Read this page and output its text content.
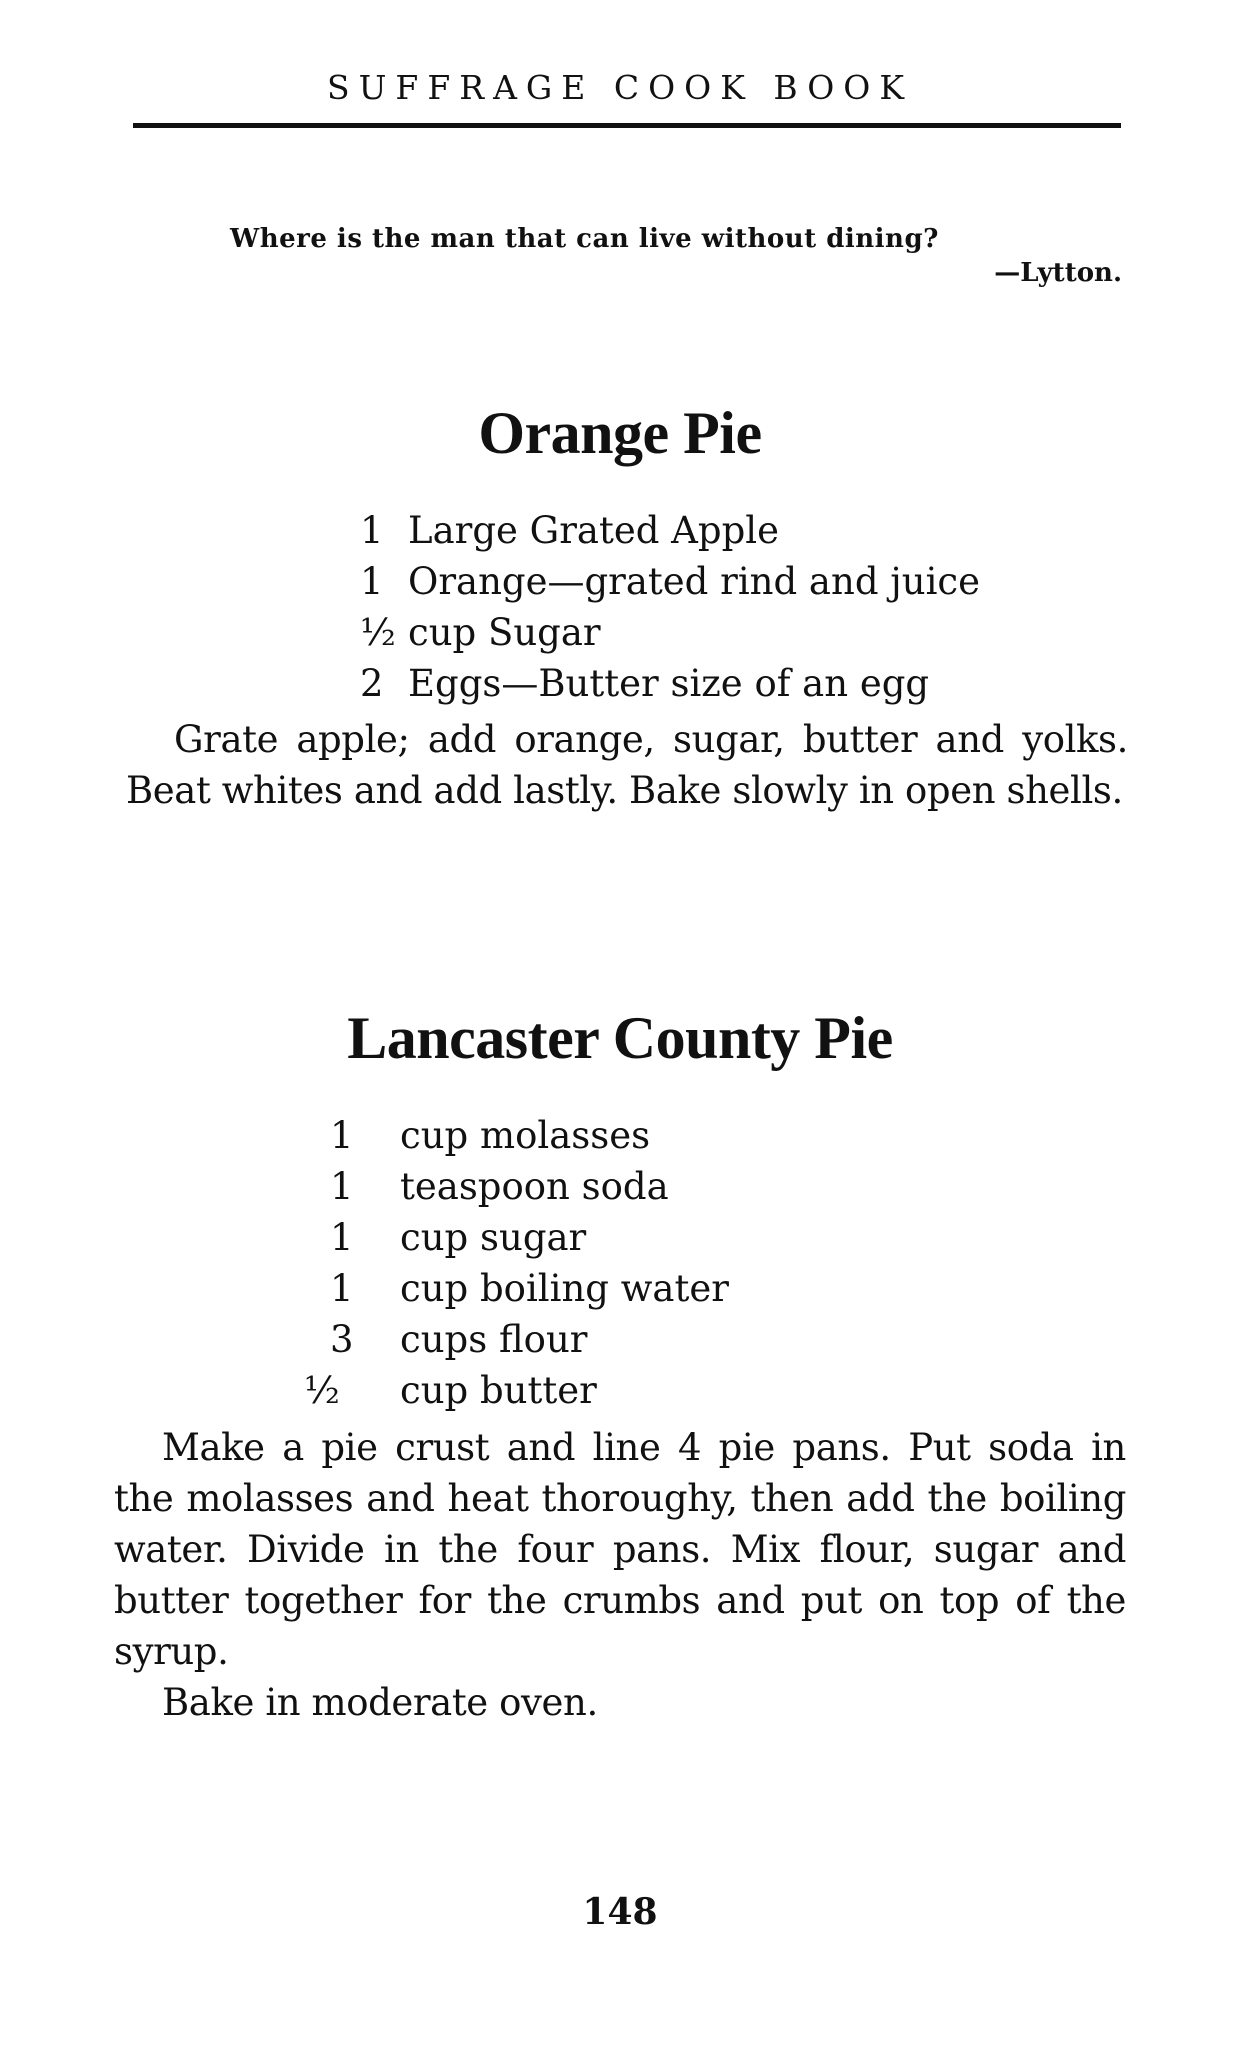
SUFFRAGE COOK BOOK
Where is the man that can live without dining?
—Lytton.
Orange Pie
1 Large Grated Apple
1 Orange—grated rind and juice
½ cup Sugar
2 Eggs—Butter size of an egg

Grate apple; add orange, sugar, butter and yolks. Beat whites and add lastly. Bake slowly in open shells.

Lancaster County Pie
1 cup molasses
1 teaspoon soda
1 cup sugar
1 cup boiling water
3 cups flour
½ cup butter

Make a pie crust and line 4 pie pans. Put soda in the molasses and heat thoroughy, then add the boiling water. Divide in the four pans. Mix flour, sugar and butter together for the crumbs and put on top of the syrup.

Bake in moderate oven.

148
